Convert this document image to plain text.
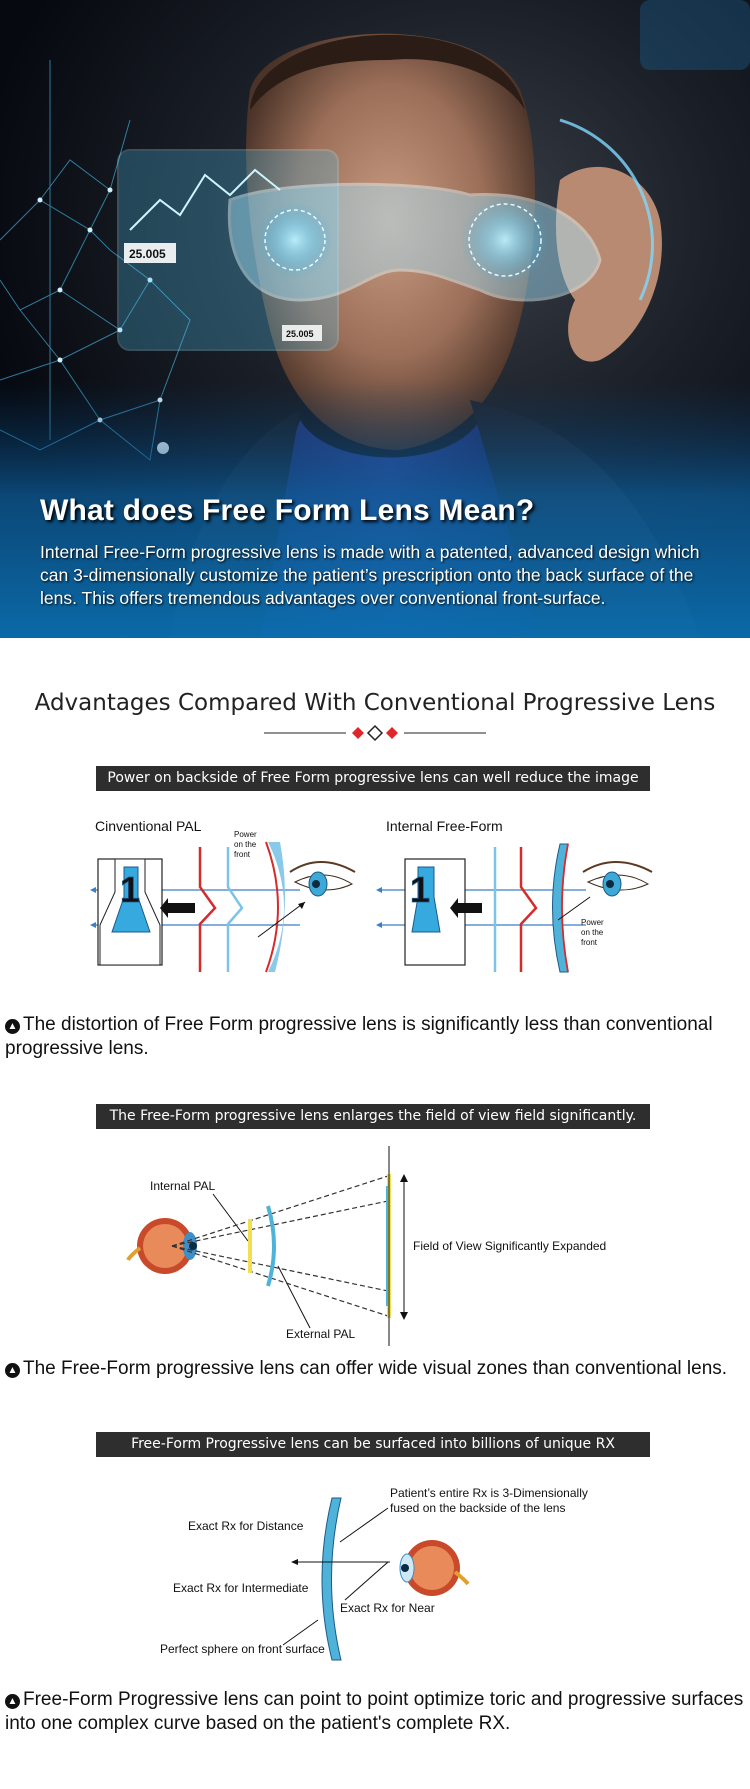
25.005
25.005
What does Free Form Lens Mean?

Internal Free-Form progressive lens is made with a patented, advanced design which can 3-dimensionally customize the patient’s prescription onto the back surface of the lens. This offers tremendous advantages over conventional front-surface.

Advantages Compared With Conventional Progressive Lens
Power on backside of Free Form progressive lens can well reduce the image distortion.
Cinventional PAL	Internal Free-Form
Power
on the
front
1	1
Power
on the
front

▲ The distortion of Free Form progressive lens is significantly less than conventional progressive lens.

The Free-Form progressive lens enlarges the field of view field significantly.
Internal PAL
External PAL
Field of View Significantly Expanded

▲ The Free-Form progressive lens can offer wide visual zones than conventional lens.

Free-Form Progressive lens can be surfaced into billions of unique RX combinations.
Patient’s entire Rx is 3-Dimensionally
fused on the backside of the lens
Exact Rx for Distance
Exact Rx for Intermediate
Exact Rx for Near
Perfect sphere on front surface

▲ Free-Form Progressive lens can point to point optimize toric and progressive surfaces into one complex curve based on the patient's complete RX.
